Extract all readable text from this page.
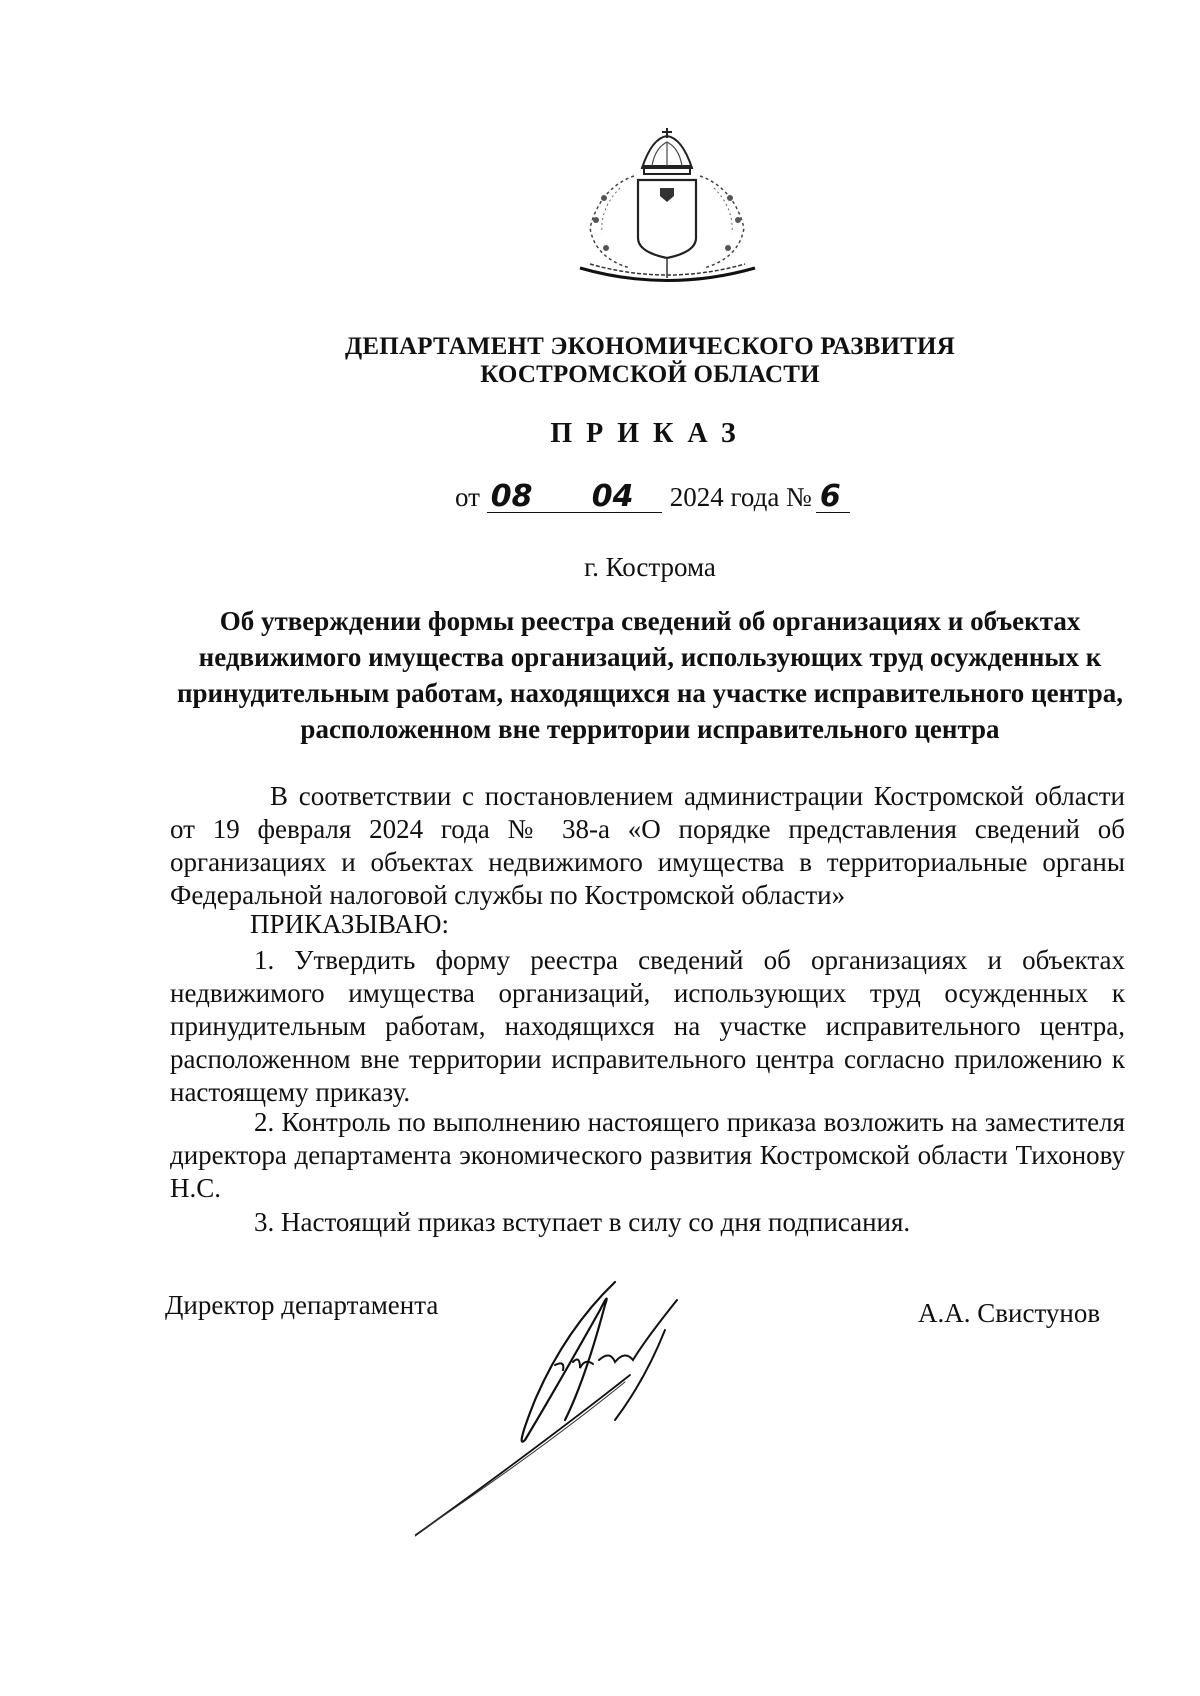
ДЕПАРТАМЕНТ ЭКОНОМИЧЕСКОГО РАЗВИТИЯ
КОСТРОМСКОЙ ОБЛАСТИ
ПРИКАЗ
от 08 04 2024 года № 6
г. Кострома
Об утверждении формы реестра сведений об организациях и объектах недвижимого имущества организаций, использующих труд осужденных к принудительным работам, находящихся на участке исправительного центра, расположенном вне территории исправительного центра
В соответствии с постановлением администрации Костромской области от 19 февраля 2024 года № 38-а «О порядке представления сведений об организациях и объектах недвижимого имущества в территориальные органы Федеральной налоговой службы по Костромской области»
ПРИКАЗЫВАЮ:
1. Утвердить форму реестра сведений об организациях и объектах недвижимого имущества организаций, использующих труд осужденных к принудительным работам, находящихся на участке исправительного центра, расположенном вне территории исправительного центра согласно приложению к настоящему приказу.
2. Контроль по выполнению настоящего приказа возложить на заместителя директора департамента экономического развития Костромской области Тихонову Н.С.
3. Настоящий приказ вступает в силу со дня подписания.
Директор департамента	А.А. Свистунов
